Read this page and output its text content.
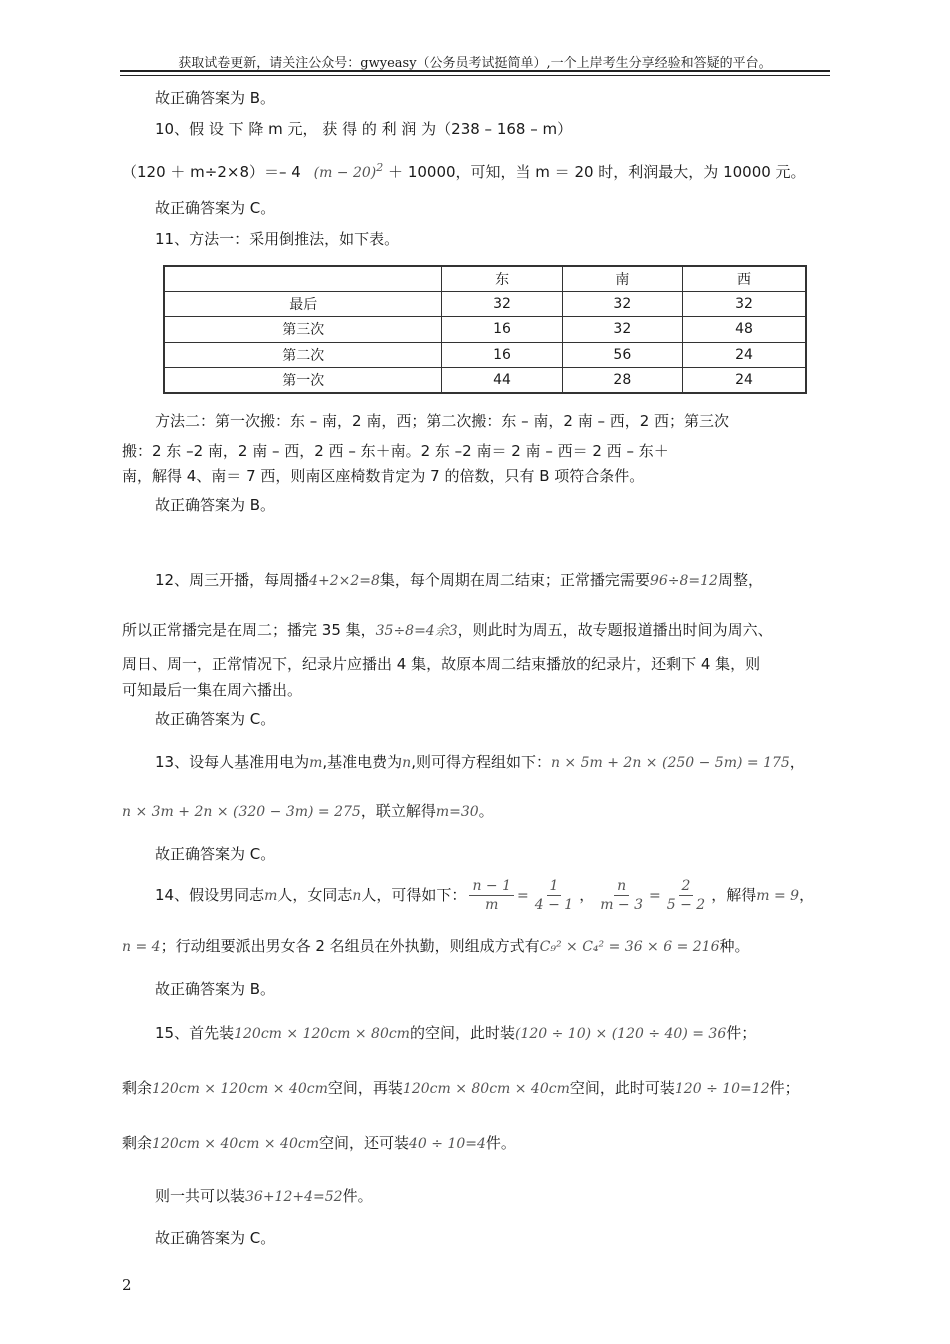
获取试卷更新，请关注公众号：gwyeasy（公务员考试挺简单）,一个上岸考生分享经验和答疑的平台。
故正确答案为 B。
10、假 设 下 降 m 元， 获 得 的 利 润 为（238 – 168 – m）
（120 ＋ m÷2×8）＝– 4 $(m - 20)^2 + 10000$，可知，当 m ＝ 20 时，利润最大，为 10000 元。
故正确答案为 C。
11、方法一：采用倒推法，如下表。
	东	南	西
最后	32	32	32
第三次	16	32	48
第二次	16	56	24
第一次	44	28	24
方法二：第一次搬：东 – 南，2 南，西；第二次搬：东 – 南，2 南 – 西，2 西；第三次
搬：2 东 –2 南，2 南 – 西，2 西 – 东＋南。2 东 –2 南＝ 2 南 – 西＝ 2 西 – 东＋
南，解得 4、南＝ 7 西，则南区座椅数肯定为 7 的倍数，只有 B 项符合条件。
故正确答案为 B。
12、周三开播，每周播4+2×2=8集，每个周期在周二结束；正常播完需要96÷8=12周整，
所以正常播完是在周二；播完 35 集，35÷8=4余3，则此时为周五，故专题报道播出时间为周六、
周日、周一，正常情况下，纪录片应播出 4 集，故原本周二结束播放的纪录片，还剩下 4 集，则
可知最后一集在周六播出。
故正确答案为 C。
13、设每人基准用电为m,基准电费为n,则可得方程组如下：n × 5m + 2n × (250 − 5m) = 175，
n × 3m + 2n × (320 − 3m) = 275，联立解得m=30。
故正确答案为 C。
14、假设男同志m人，女同志n人，可得如下： $\frac{n - 1}{m} = \frac{1}{4 - 1}$ ， $\frac{n}{m - 3} = \frac{2}{5 - 2}$ ，解得m = 9，
n = 4；行动组要派出男女各 2 名组员在外执勤，则组成方式有C₉² × C₄² = 36 × 6 = 216种。
故正确答案为 B。
15、首先装120cm × 120cm × 80cm的空间，此时装(120 ÷ 10) × (120 ÷ 40) = 36件；
剩余120cm × 120cm × 40cm空间，再装120cm × 80cm × 40cm空间，此时可装120 ÷ 10=12件；
剩余120cm × 40cm × 40cm空间，还可装40 ÷ 10=4件。
则一共可以装36+12+4=52件。
故正确答案为 C。
2
